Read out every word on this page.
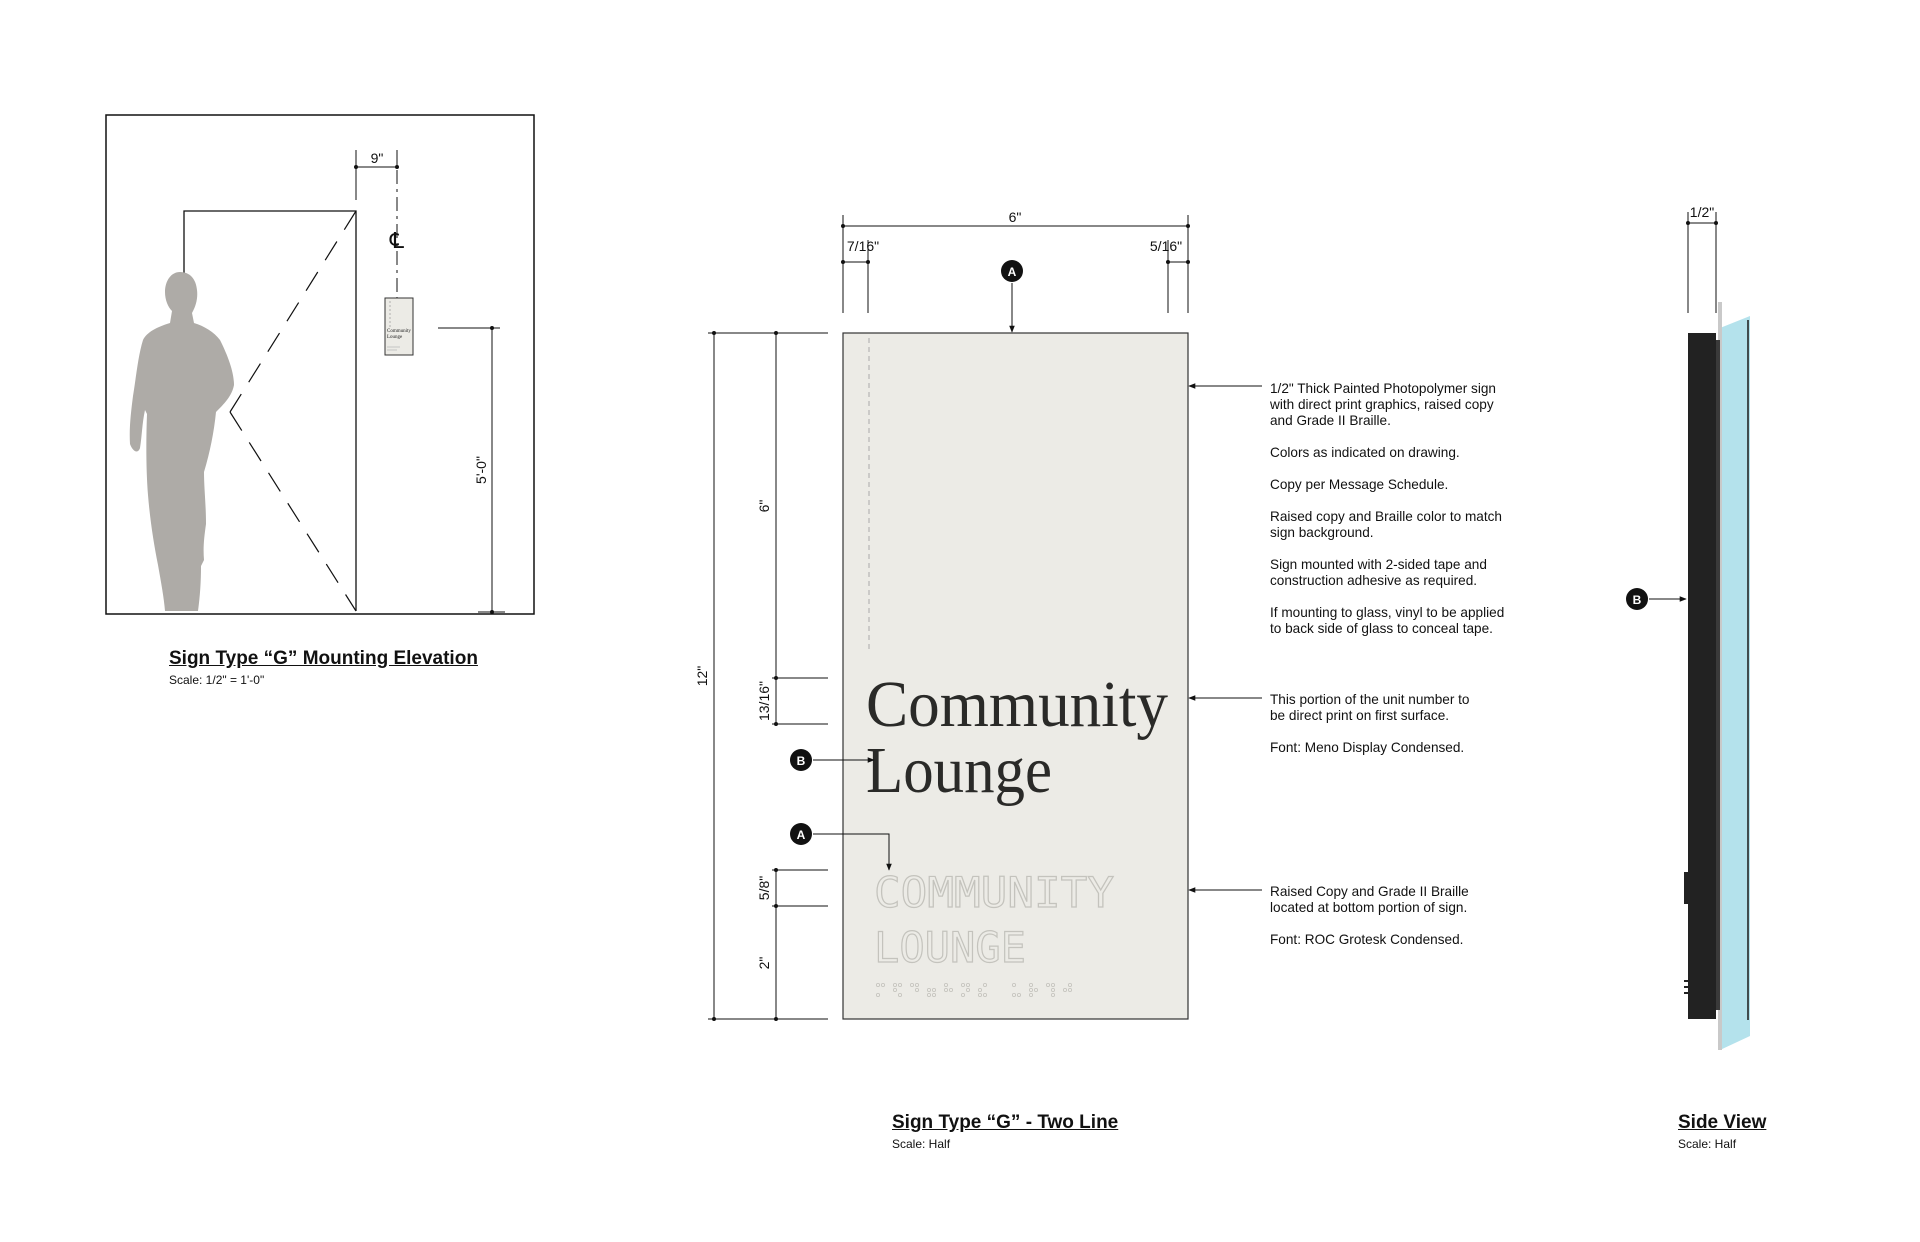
9"
℄
Community
Lounge
5'-0"
6"
7/16"	5/16"
Community
Lounge
COMMUNITY
LOUNGE
12"
6"
13/16"
5/8"
2"
A
B
A
1/2"
B

1/2" Thick Painted Photopolymer sign
with direct print graphics, raised copy
and Grade II Braille.

Colors as indicated on drawing.

Copy per Message Schedule.

Raised copy and Braille color to match
sign background.

Sign mounted with 2-sided tape and
construction adhesive as required.

If mounting to glass, vinyl to be applied
to back side of glass to conceal tape.

This portion of the unit number to
be direct print on first surface.

Font: Meno Display Condensed.

Raised Copy and Grade II Braille
located at bottom portion of sign.

Font: ROC Grotesk Condensed.

Sign Type “G” Mounting Elevation
Scale: 1/2" = 1'-0"
Sign Type “G” - Two Line
Scale: Half
Side View
Scale: Half
